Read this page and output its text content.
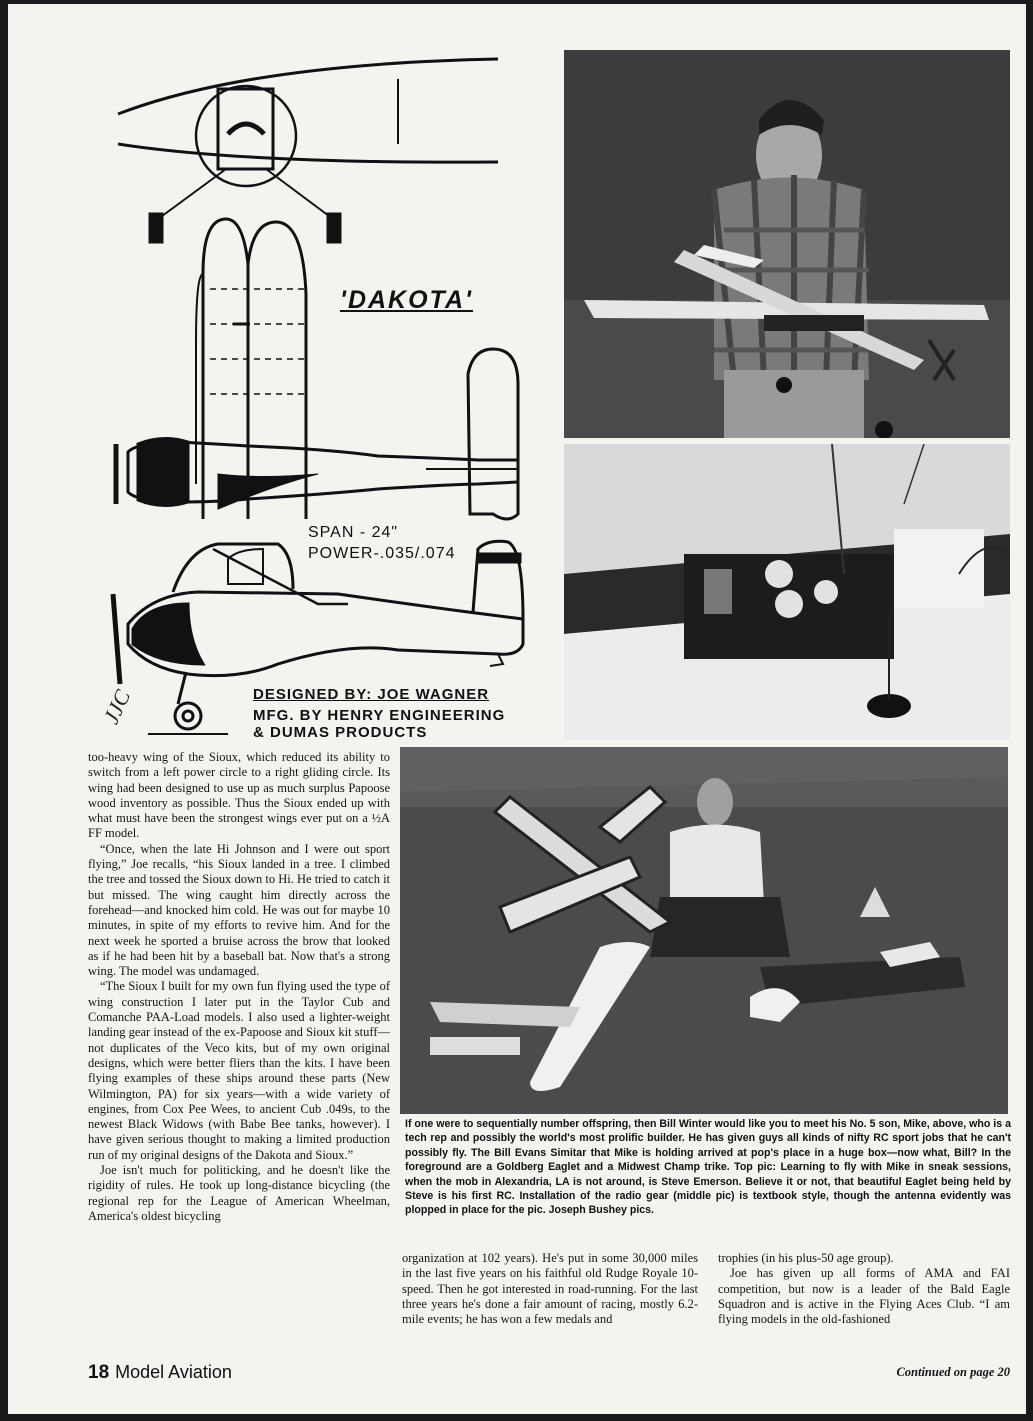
'DAKOTA'
SPAN - 24"
POWER-.035/.074
DESIGNED BY: JOE WAGNER
MFG. BY HENRY ENGINEERING
& DUMAS PRODUCTS
JJC
If one were to sequentially number offspring, then Bill Winter would like you to meet his No. 5 son, Mike, above, who is a tech rep and possibly the world's most prolific builder. He has given guys all kinds of nifty RC sport jobs that he can't possibly fly. The Bill Evans Simitar that Mike is holding arrived at pop's place in a huge box—now what, Bill? In the foreground are a Goldberg Eaglet and a Midwest Champ trike. Top pic: Learning to fly with Mike in sneak sessions, when the mob in Alexandria, LA is not around, is Steve Emerson. Believe it or not, that beautiful Eaglet being held by Steve is his first RC. Installation of the radio gear (middle pic) is textbook style, though the antenna evidently was plopped in place for the pic. Joseph Bushey pics.

too-heavy wing of the Sioux, which reduced its ability to switch from a left power circle to a right gliding circle. Its wing had been designed to use up as much surplus Papoose wood inventory as possible. Thus the Sioux ended up with what must have been the strongest wings ever put on a ½A FF model.

“Once, when the late Hi Johnson and I were out sport flying,” Joe recalls, “his Sioux landed in a tree. I climbed the tree and tossed the Sioux down to Hi. He tried to catch it but missed. The wing caught him directly across the forehead—and knocked him cold. He was out for maybe 10 minutes, in spite of my efforts to revive him. And for the next week he sported a bruise across the brow that looked as if he had been hit by a baseball bat. Now that's a strong wing. The model was undamaged.

“The Sioux I built for my own fun flying used the type of wing construction I later put in the Taylor Cub and Comanche PAA-Load models. I also used a lighter-weight landing gear instead of the ex-Papoose and Sioux kit stuff—not duplicates of the Veco kits, but of my own original designs, which were better fliers than the kits. I have been flying examples of these ships around these parts (New Wilmington, PA) for six years—with a wide variety of engines, from Cox Pee Wees, to ancient Cub .049s, to the newest Black Widows (with Babe Bee tanks, however). I have given serious thought to making a limited production run of my original designs of the Dakota and Sioux.”

Joe isn't much for politicking, and he doesn't like the rigidity of rules. He took up long-distance bicycling (the regional rep for the League of American Wheelman, America's oldest bicycling

organization at 102 years). He's put in some 30,000 miles in the last five years on his faithful old Rudge Royale 10-speed. Then he got interested in road-running. For the last three years he's done a fair amount of racing, mostly 6.2-mile events; he has won a few medals and

trophies (in his plus-50 age group).

Joe has given up all forms of AMA and FAI competition, but now is a leader of the Bald Eagle Squadron and is active in the Flying Aces Club. “I am flying models in the old-fashioned

Continued on page 20
18 Model Aviation
